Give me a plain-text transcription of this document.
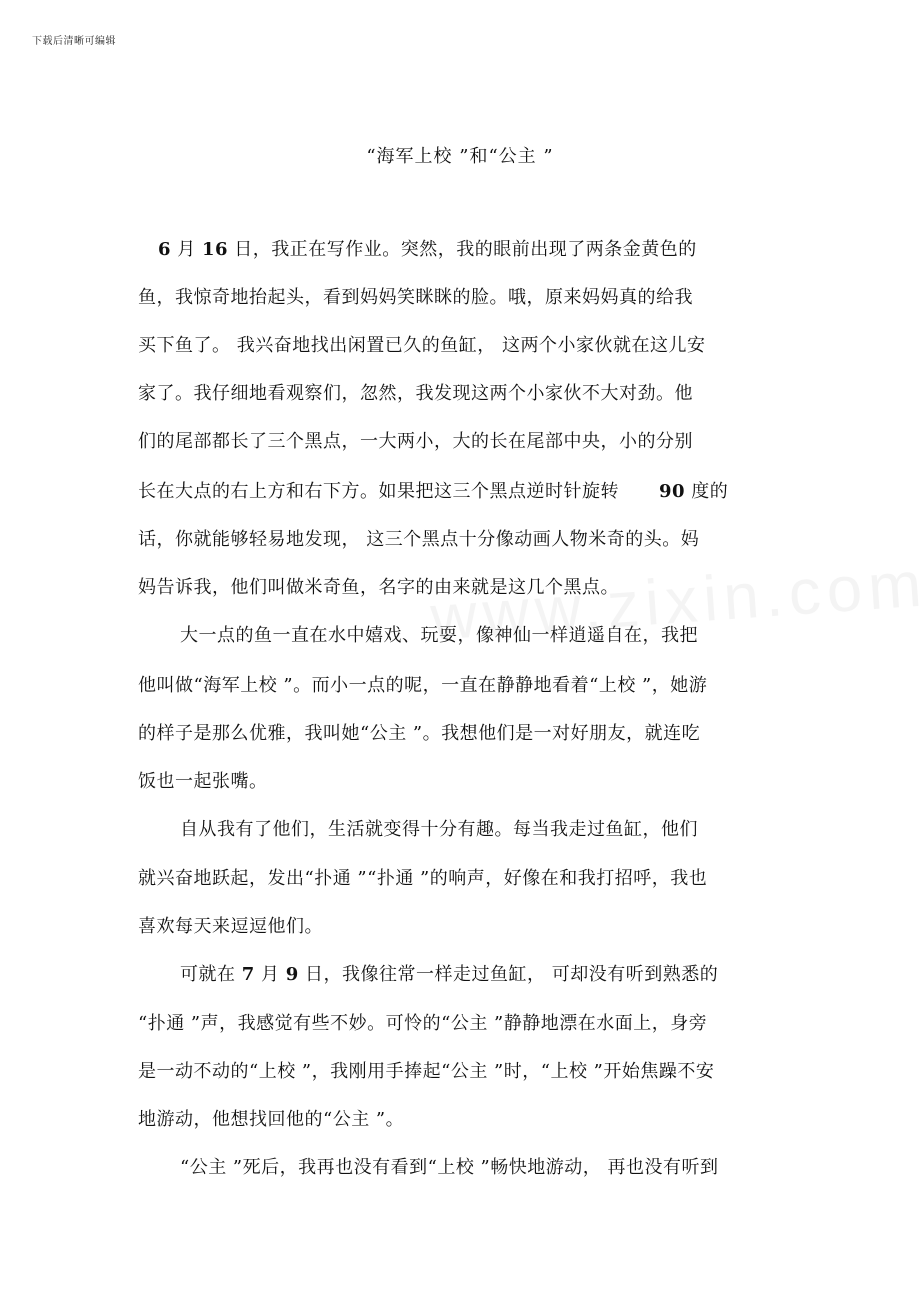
下载后清晰可编辑
“海军上校 ”和“公主 ”
6 月 16 日，我正在写作业。突然，我的眼前出现了两条金黄色的
鱼，我惊奇地抬起头，看到妈妈笑眯眯的脸。哦，原来妈妈真的给我
买下鱼了。 我兴奋地找出闲置已久的鱼缸， 这两个小家伙就在这儿安
家了。我仔细地看观察们，忽然，我发现这两个小家伙不大对劲。他
们的尾部都长了三个黑点，一大两小，大的长在尾部中央，小的分别
长在大点的右上方和右下方。如果把这三个黑点逆时针旋转 90 度的
话，你就能够轻易地发现， 这三个黑点十分像动画人物米奇的头。妈
妈告诉我，他们叫做米奇鱼，名字的由来就是这几个黑点。
大一点的鱼一直在水中嬉戏、玩耍，像神仙一样逍遥自在，我把
他叫做“海军上校 ”。而小一点的呢，一直在静静地看着“上校 ”，她游
的样子是那么优雅，我叫她“公主 ”。我想他们是一对好朋友，就连吃
饭也一起张嘴。
自从我有了他们，生活就变得十分有趣。每当我走过鱼缸，他们
就兴奋地跃起，发出“扑通 ”“扑通 ”的响声，好像在和我打招呼，我也
喜欢每天来逗逗他们。
可就在 7 月 9 日，我像往常一样走过鱼缸， 可却没有听到熟悉的
“扑通 ”声，我感觉有些不妙。可怜的“公主 ”静静地漂在水面上，身旁
是一动不动的“上校 ”，我刚用手捧起“公主 ”时，“上校 ”开始焦躁不安
地游动，他想找回他的“公主 ”。
“公主 ”死后，我再也没有看到“上校 ”畅快地游动， 再也没有听到
